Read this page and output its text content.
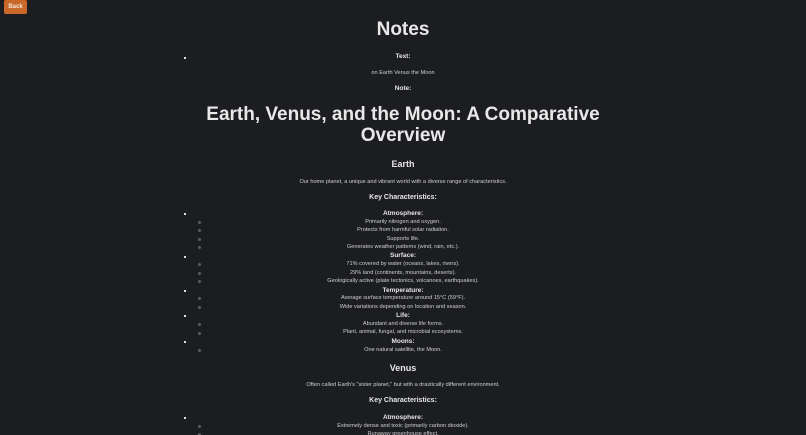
Back
Notes
Text:
on Earth Venus the Moon
Note:
Earth, Venus, and the Moon: A Comparative
Overview
Earth
Our home planet, a unique and vibrant world with a diverse range of characteristics.
Key Characteristics:
Atmosphere:
Primarily nitrogen and oxygen.
Protects from harmful solar radiation.
Supports life.
Generates weather patterns (wind, rain, etc.).
Surface:
71% covered by water (oceans, lakes, rivers).
29% land (continents, mountains, deserts).
Geologically active (plate tectonics, volcanoes, earthquakes).
Temperature:
Average surface temperature around 15°C (59°F).
Wide variations depending on location and season.
Life:
Abundant and diverse life forms.
Plant, animal, fungal, and microbial ecosystems.
Moons:
One natural satellite, the Moon.
Venus
Often called Earth's "sister planet," but with a drastically different environment.
Key Characteristics:
Atmosphere:
Extremely dense and toxic (primarily carbon dioxide).
Runaway greenhouse effect.
